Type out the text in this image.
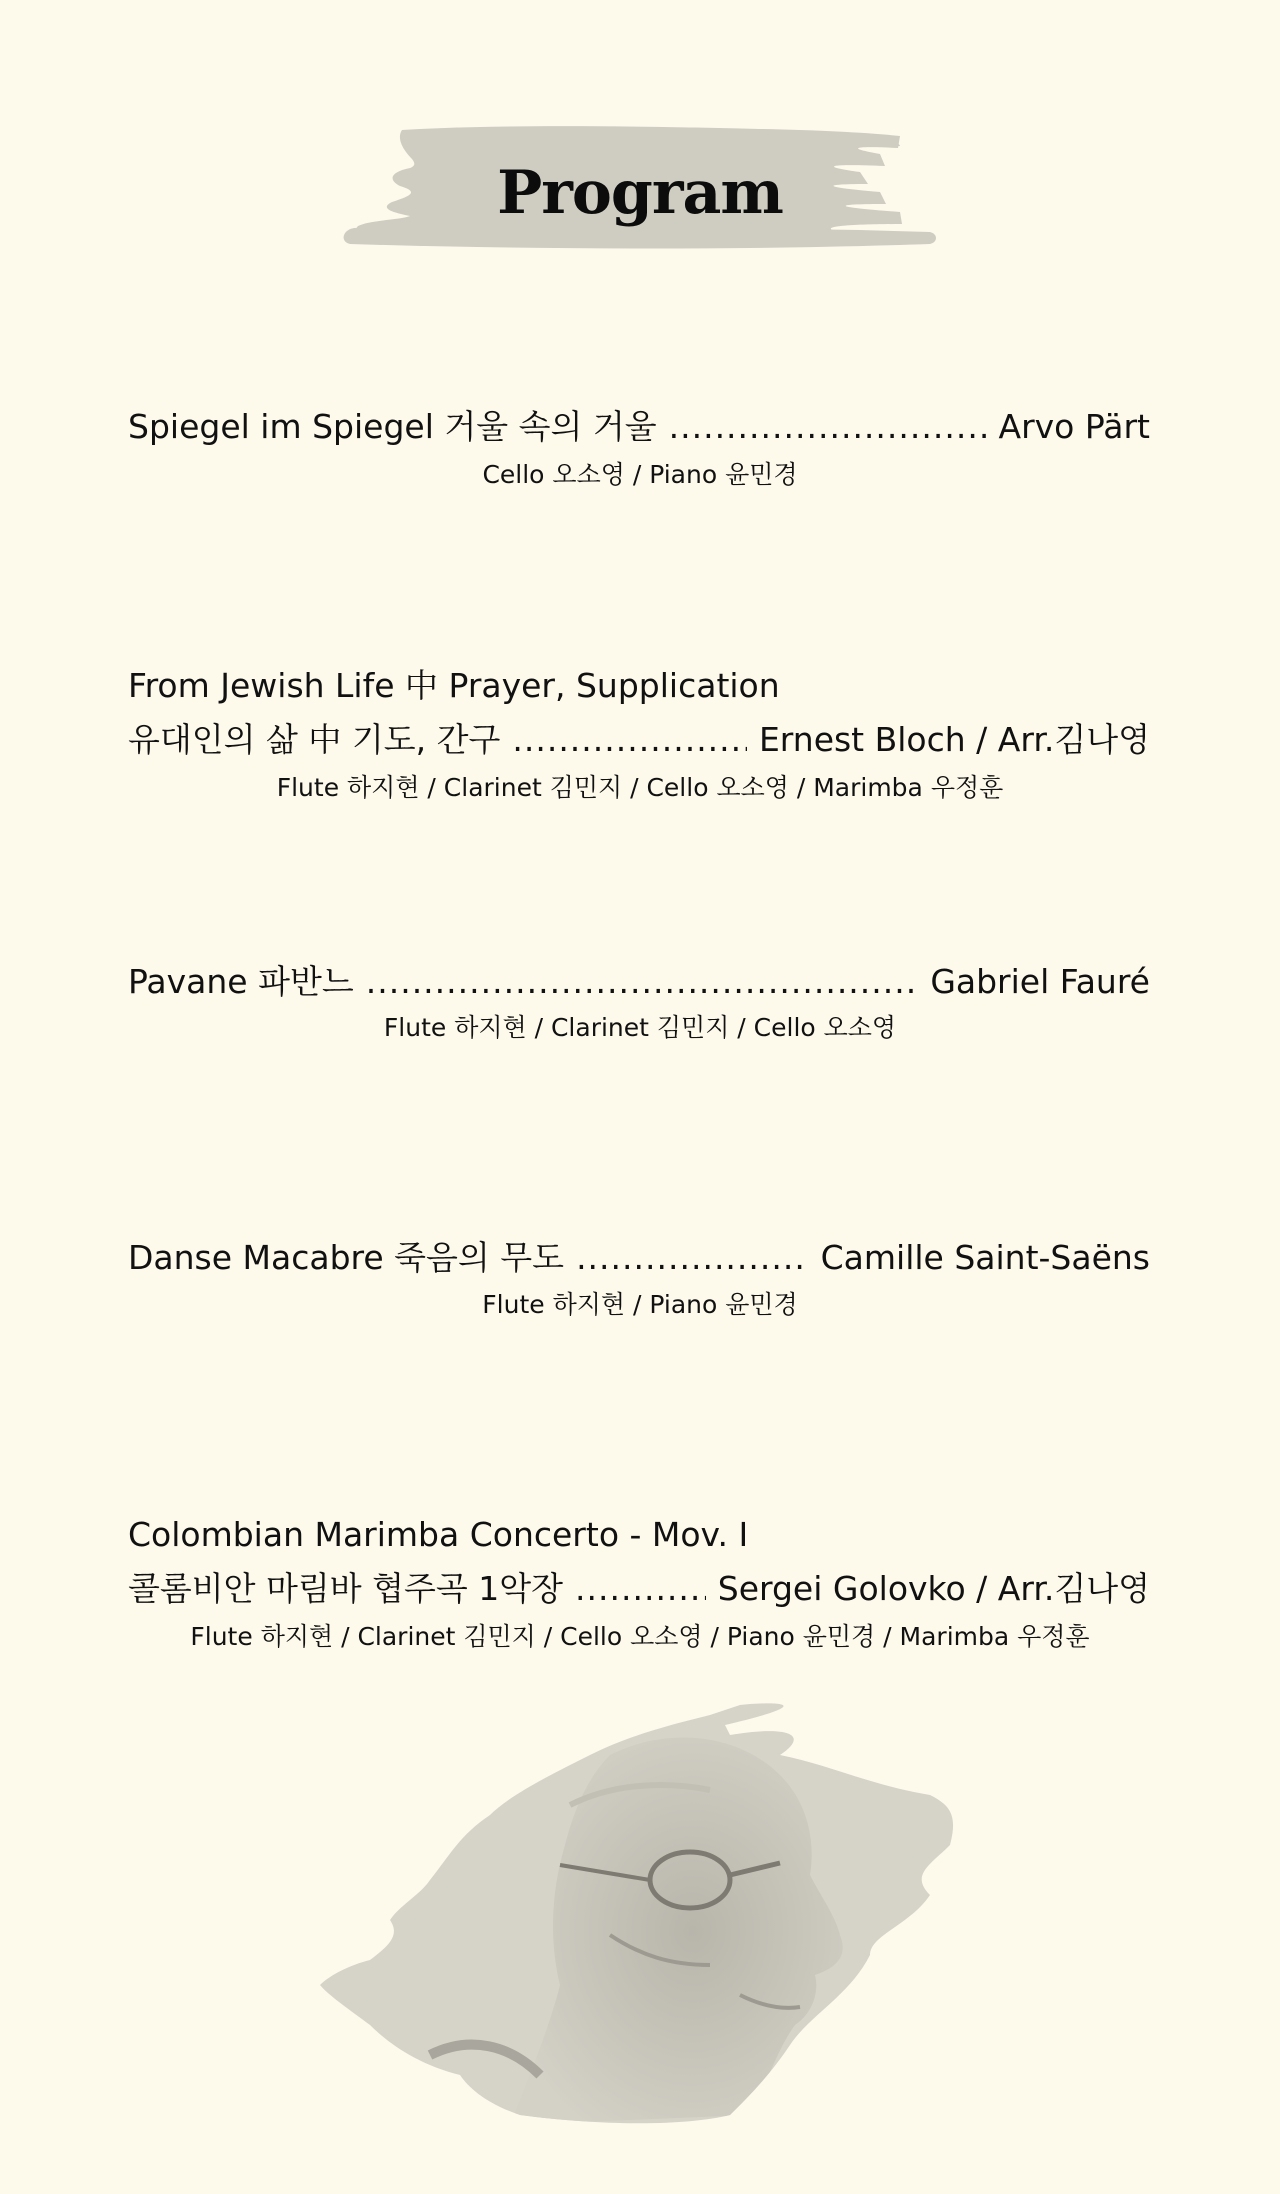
Program
Spiegel im Spiegel 거울 속의 거울 .....	Arvo Pärt
Cello 오소영 / Piano 윤민경
From Jewish Life 中 Prayer, Supplication
유대인의 삶 中 기도, 간구 .....	Ernest Bloch / Arr.김나영
Flute 하지현 / Clarinet 김민지 / Cello 오소영 / Marimba 우정훈
Pavane 파반느 .....	Gabriel Fauré
Flute 하지현 / Clarinet 김민지 / Cello 오소영
Danse Macabre 죽음의 무도 .....	Camille Saint-Saëns
Flute 하지현 / Piano 윤민경
Colombian Marimba Concerto - Mov. I
콜롬비안 마림바 협주곡 1악장 .....	Sergei Golovko / Arr.김나영
Flute 하지현 / Clarinet 김민지 / Cello 오소영 / Piano 윤민경 / Marimba 우정훈
